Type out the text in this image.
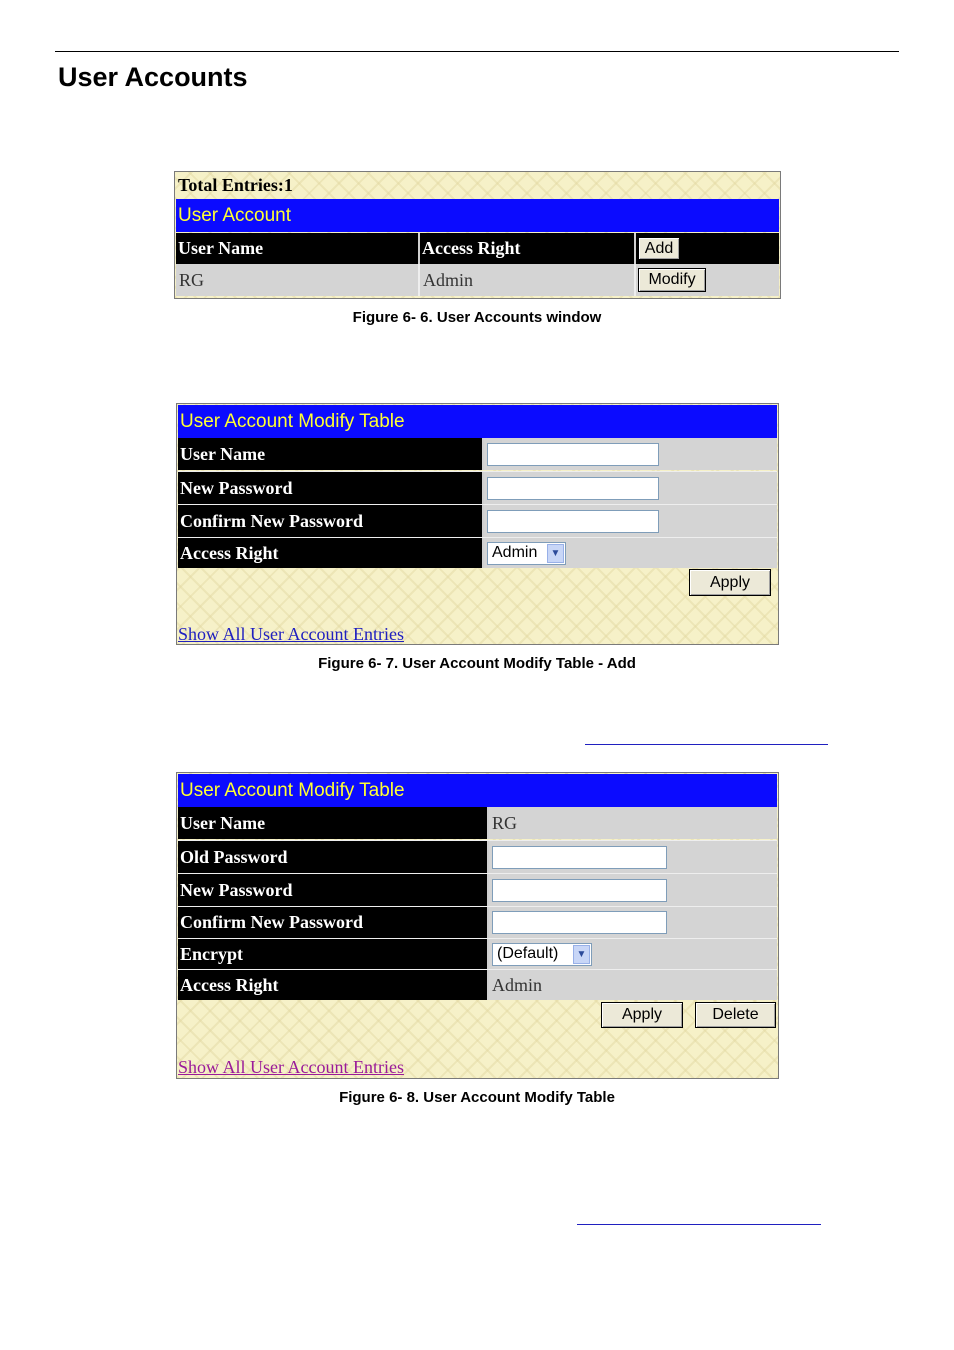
User Accounts
Total Entries:1
User Account
User Name	Access Right	Add
RG	Admin	Modify
Figure 6- 6. User Accounts window
User Account Modify Table
User Name
New Password
Confirm New Password
Access Right	Admin	▼
Apply
Show All User Account Entries
Figure 6- 7. User Account Modify Table - Add
User Account Modify Table
User Name	RG
Old Password
New Password
Confirm New Password
Encrypt	(Default)	▼
Access Right	Admin
Apply	Delete
Show All User Account Entries
Figure 6- 8. User Account Modify Table
